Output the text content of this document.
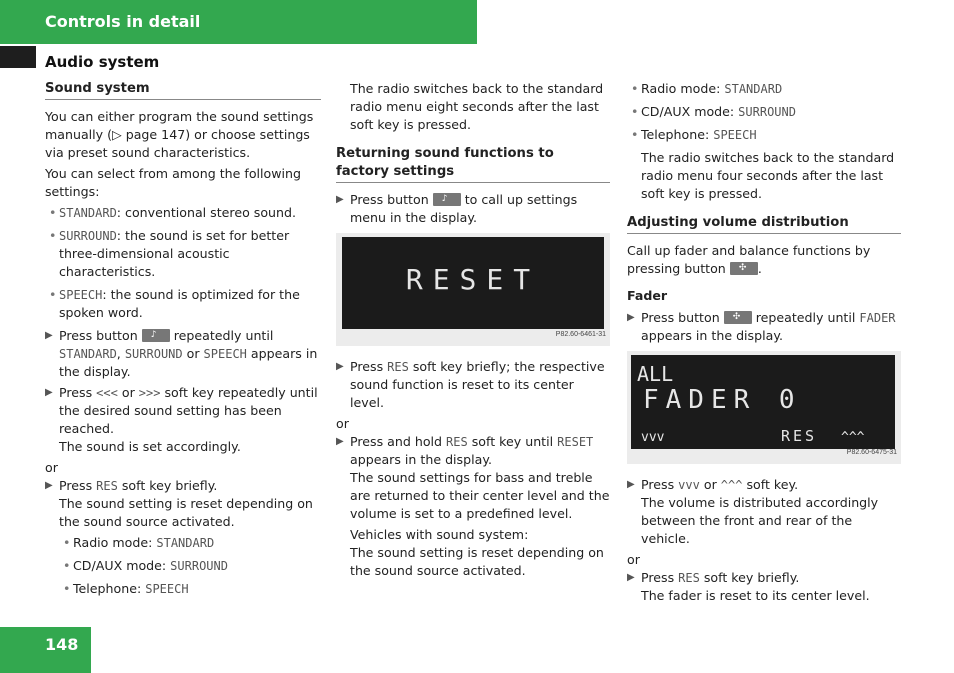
Controls in detail
Audio system
Sound system

You can either program the sound settings manually (▷ page 147) or choose settings via preset sound characteristics.

You can select from among the following settings:

• STANDARD: conventional stereo sound.
• SURROUND: the sound is set for better three-dimensional acoustic characteristics.
• SPEECH: the sound is optimized for the spoken word.
▶ Press button ♪ repeatedly until STANDARD, SURROUND or SPEECH appears in the display.
▶ Press <<< or >>> soft key repeatedly until the desired sound setting has been reached.
The sound is set accordingly.
or
▶ Press RES soft key briefly.
The sound setting is reset depending on the sound source activated.
• Radio mode: STANDARD
• CD/AUX mode: SURROUND
• Telephone: SPEECH

The radio switches back to the standard radio menu eight seconds after the last soft key is pressed.

Returning sound functions to factory settings
▶ Press button ♪ to call up settings menu in the display.
RESET
P82.60-6461-31
▶ Press RES soft key briefly; the respective sound function is reset to its center level.
or
▶ Press and hold RES soft key until RESET appears in the display.
The sound settings for bass and treble are returned to their center level and the volume is set to a predefined level.
Vehicles with sound system:
The sound setting is reset depending on the sound source activated.
• Radio mode: STANDARD
• CD/AUX mode: SURROUND
• Telephone: SPEECH

The radio switches back to the standard radio menu four seconds after the last soft key is pressed.

Adjusting volume distribution

Call up fader and balance functions by pressing button ✣ .

Fader
▶ Press button ✣ repeatedly until FADER appears in the display.
ALL
FADER 0
vvv	RES ^^^
P82.60-6475-31
▶ Press vvv or ^^^ soft key.
The volume is distributed accordingly between the front and rear of the vehicle.
or
▶ Press RES soft key briefly.
The fader is reset to its center level.
148
